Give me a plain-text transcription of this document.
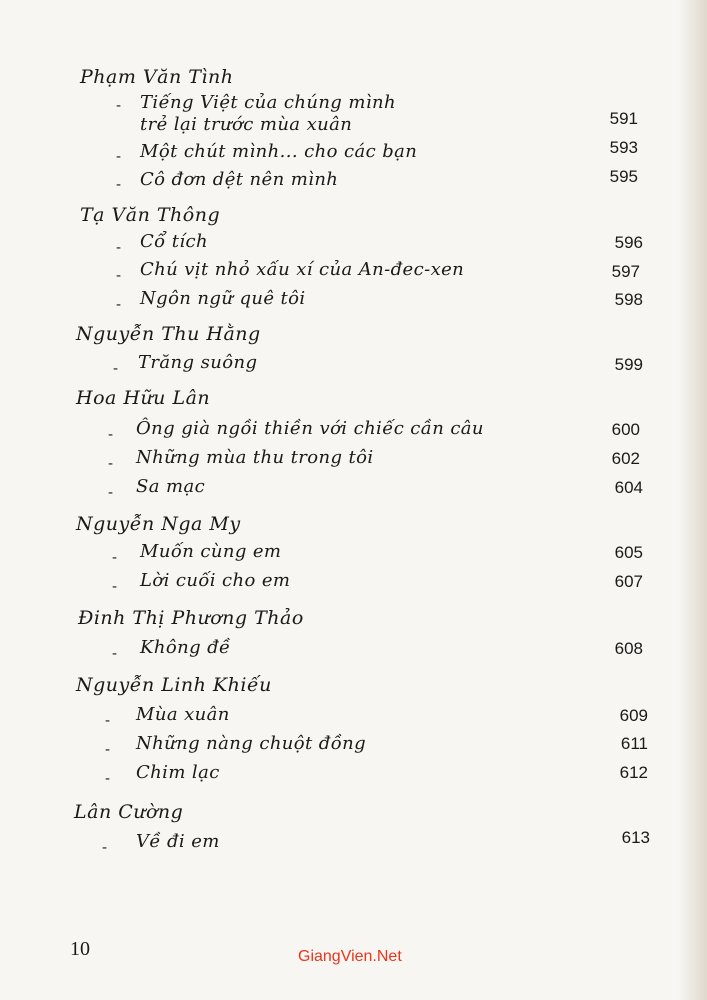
Phạm Văn Tình
- Tiếng Việt của chúng mình
trẻ lại trước mùa xuân	591
- Một chút mình... cho các bạn	593
- Cô đơn dệt nên mình	595
Tạ Văn Thông
- Cổ tích	596
- Chú vịt nhỏ xấu xí của An-đec-xen	597
- Ngôn ngữ quê tôi	598
Nguyễn Thu Hằng
- Trăng suông	599
Hoa Hữu Lân
- Ông già ngồi thiền với chiếc cần câu	600
- Những mùa thu trong tôi	602
- Sa mạc	604
Nguyễn Nga My
- Muốn cùng em	605
- Lời cuối cho em	607
Đinh Thị Phương Thảo
- Không đề	608
Nguyễn Linh Khiếu
- Mùa xuân	609
- Những nàng chuột đồng	611
- Chim lạc	612
Lân Cường
- Về đi em	613
10	GiangVien.Net
